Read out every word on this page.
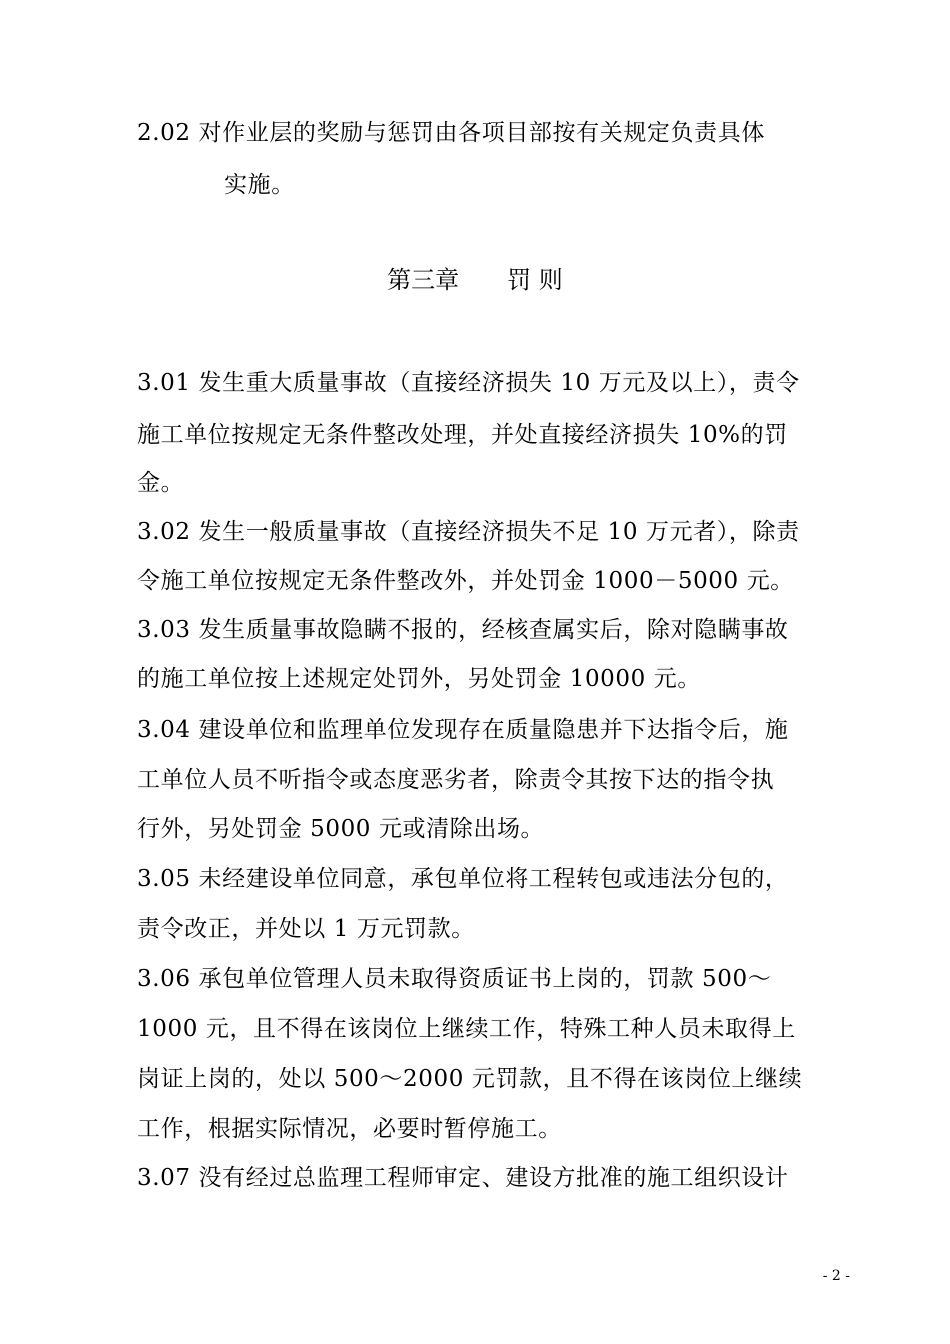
2.02 对作业层的奖励与惩罚由各项目部按有关规定负责具体
实施。
第三章　　罚 则
3.01 发生重大质量事故（直接经济损失 10 万元及以上），责令
施工单位按规定无条件整改处理，并处直接经济损失 10%的罚
金。
3.02 发生一般质量事故（直接经济损失不足 10 万元者），除责
令施工单位按规定无条件整改外，并处罚金 1000－5000 元。
3.03 发生质量事故隐瞒不报的，经核查属实后，除对隐瞒事故
的施工单位按上述规定处罚外，另处罚金 10000 元。
3.04 建设单位和监理单位发现存在质量隐患并下达指令后，施
工单位人员不听指令或态度恶劣者，除责令其按下达的指令执
行外，另处罚金 5000 元或清除出场。
3.05 未经建设单位同意，承包单位将工程转包或违法分包的，
责令改正，并处以 1 万元罚款。
3.06 承包单位管理人员未取得资质证书上岗的，罚款 500～
1000 元，且不得在该岗位上继续工作，特殊工种人员未取得上
岗证上岗的，处以 500～2000 元罚款，且不得在该岗位上继续
工作，根据实际情况，必要时暂停施工。
3.07 没有经过总监理工程师审定、建设方批准的施工组织设计
- 2 -
